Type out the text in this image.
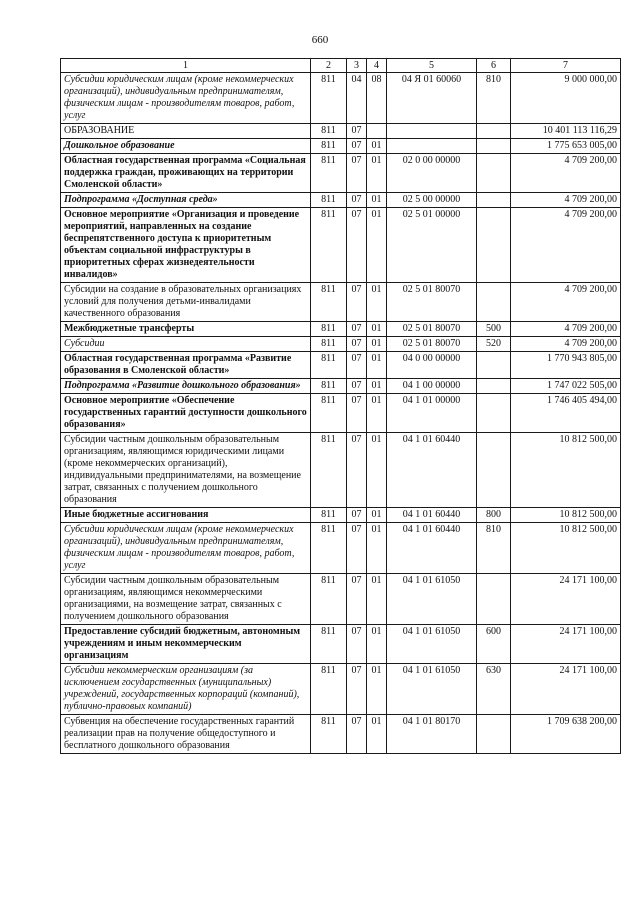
660
1	2	3	4	5	6	7
Субсидии юридическим лицам (кроме некоммерческих организаций), индивидуальным предпринимателям, физическим лицам - производителям товаров, работ, услуг	811	04	08	04 Я 01 60060	810	9 000 000,00
ОБРАЗОВАНИЕ	811	07				10 401 113 116,29
Дошкольное образование	811	07	01			1 775 653 005,00
Областная государственная программа «Социальная поддержка граждан, проживающих на территории Смоленской области»	811	07	01	02 0 00 00000		4 709 200,00
Подпрограмма «Доступная среда»	811	07	01	02 5 00 00000		4 709 200,00
Основное мероприятие «Организация и проведение мероприятий, направленных на создание беспрепятственного доступа к приоритетным объектам социальной инфраструктуры в приоритетных сферах жизнедеятельности инвалидов»	811	07	01	02 5 01 00000		4 709 200,00
Субсидии на создание в образовательных организациях условий для получения детьми-инвалидами качественного образования	811	07	01	02 5 01 80070		4 709 200,00
Межбюджетные трансферты	811	07	01	02 5 01 80070	500	4 709 200,00
Субсидии	811	07	01	02 5 01 80070	520	4 709 200,00
Областная государственная программа «Развитие образования в Смоленской области»	811	07	01	04 0 00 00000		1 770 943 805,00
Подпрограмма «Развитие дошкольного образования»	811	07	01	04 1 00 00000		1 747 022 505,00
Основное мероприятие «Обеспечение государственных гарантий доступности дошкольного образования»	811	07	01	04 1 01 00000		1 746 405 494,00
Субсидии частным дошкольным образовательным организациям, являющимся юридическими лицами (кроме некоммерческих организаций), индивидуальными предпринимателями, на возмещение затрат, связанных с получением дошкольного образования	811	07	01	04 1 01 60440		10 812 500,00
Иные бюджетные ассигнования	811	07	01	04 1 01 60440	800	10 812 500,00
Субсидии юридическим лицам (кроме некоммерческих организаций), индивидуальным предпринимателям, физическим лицам - производителям товаров, работ, услуг	811	07	01	04 1 01 60440	810	10 812 500,00
Субсидии частным дошкольным образовательным организациям, являющимся некоммерческими организациями, на возмещение затрат, связанных с получением дошкольного образования	811	07	01	04 1 01 61050		24 171 100,00
Предоставление субсидий бюджетным, автономным учреждениям и иным некоммерческим организациям	811	07	01	04 1 01 61050	600	24 171 100,00
Субсидии некоммерческим организациям (за исключением государственных (муниципальных) учреждений, государственных корпораций (компаний), публично-правовых компаний)	811	07	01	04 1 01 61050	630	24 171 100,00
Субвенция на обеспечение государственных гарантий реализации прав на получение общедоступного и бесплатного дошкольного образования	811	07	01	04 1 01 80170		1 709 638 200,00
